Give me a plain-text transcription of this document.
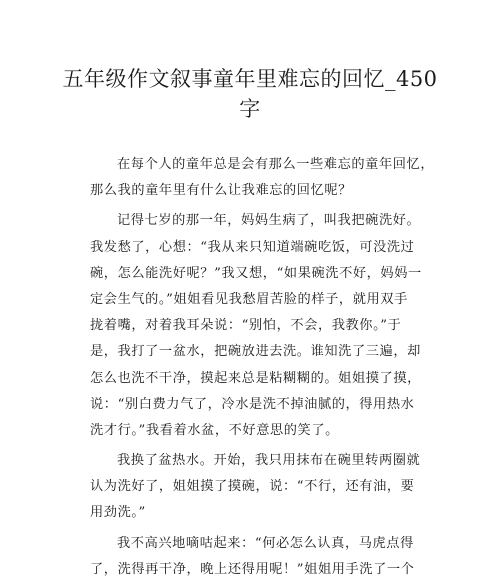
五年级作文叙事童年里难忘的回忆_450
字
在每个人的童年总是会有那么一些难忘的童年回忆，
那么我的童年里有什么让我难忘的回忆呢？
记得七岁的那一年，妈妈生病了，叫我把碗洗好。
我发愁了，心想：“我从来只知道端碗吃饭，可没洗过
碗，怎么能洗好呢？”我又想，“如果碗洗不好，妈妈一
定会生气的。”姐姐看见我愁眉苦脸的样子，就用双手
拢着嘴，对着我耳朵说：“别怕，不会，我教你。”于
是，我打了一盆水，把碗放进去洗。谁知洗了三遍，却
怎么也洗不干净，摸起来总是粘糊糊的。姐姐摸了摸，
说：“别白费力气了，冷水是洗不掉油腻的，得用热水
洗才行。”我看着水盆，不好意思的笑了。
我换了盆热水。开始，我只用抹布在碗里转两圈就
认为洗好了，姐姐摸了摸碗，说：“不行，还有油，要
用劲洗。”
我不高兴地嘀咕起来：“何必怎么认真，马虎点得
了，洗得再干净，晚上还得用呢！”姐姐用手洗了一个
